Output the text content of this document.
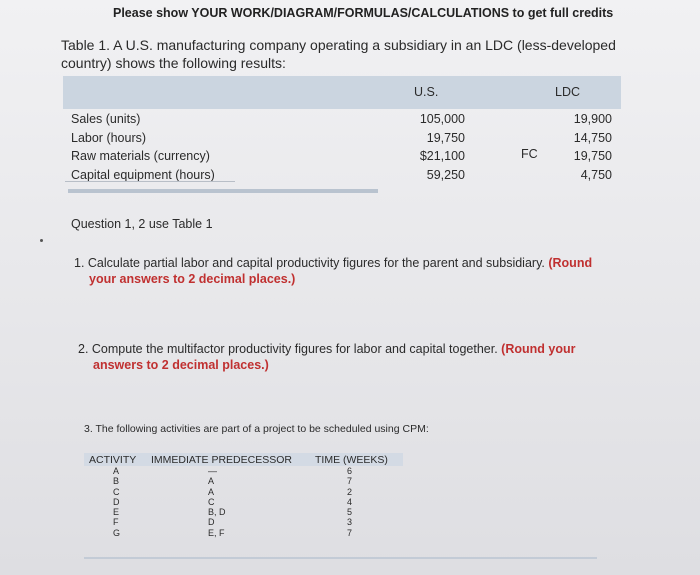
Please show YOUR WORK/DIAGRAM/FORMULAS/CALCULATIONS to get full credits
Table 1. A U.S. manufacturing company operating a subsidiary in an LDC (less-developed
country) shows the following results:
U.S.	LDC
Sales (units)
Labor (hours)
Raw materials (currency)
Capital equipment (hours)
105,000
19,750
$21,100
59,250
FC
19,900
14,750
19,750
4,750
Question 1, 2 use Table 1
1. Calculate partial labor and capital productivity figures for the parent and subsidiary. (Round
your answers to 2 decimal places.)
2. Compute the multifactor productivity figures for labor and capital together. (Round your
answers to 2 decimal places.)
3. The following activities are part of a project to be scheduled using CPM:
ACTIVITY IMMEDIATE PREDECESSOR TIME (WEEKS)
A
B
C
D
E
F
G
—
A
A
C
B, D
D
E, F
6
7
2
4
5
3
7
